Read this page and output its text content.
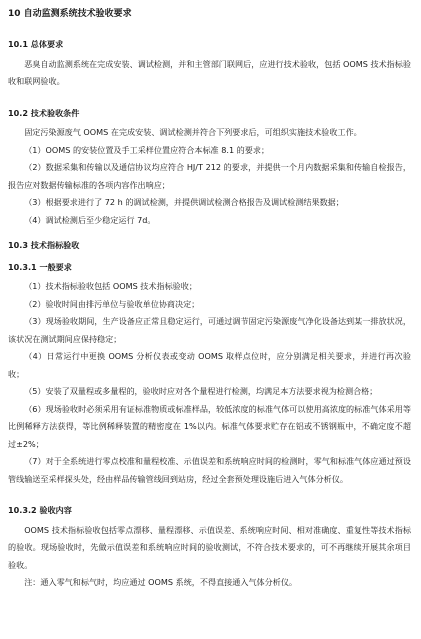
10 自动监测系统技术验收要求
10.1 总体要求

恶臭自动监测系统在完成安装、调试检测，并和主管部门联网后，应进行技术验收，包括 OOMS 技术指标验收和联网验收。

10.2 技术验收条件

固定污染源废气 OOMS 在完成安装、调试检测并符合下列要求后，可组织实施技术验收工作。

（1）OOMS 的安装位置及手工采样位置应符合本标准 8.1 的要求；

（2）数据采集和传输以及通信协议均应符合 HJ/T 212 的要求，并提供一个月内数据采集和传输自检报告，报告应对数据传输标准的各项内容作出响应；

（3）根据要求进行了 72 h 的调试检测，并提供调试检测合格报告及调试检测结果数据；

（4）调试检测后至少稳定运行 7d。

10.3 技术指标验收
10.3.1 一般要求

（1）技术指标验收包括 OOMS 技术指标验收；

（2）验收时间由排污单位与验收单位协商决定；

（3）现场验收期间，生产设备应正常且稳定运行，可通过调节固定污染源废气净化设备达到某一排放状况，该状况在测试期间应保持稳定；

（4）日常运行中更换 OOMS 分析仪表或变动 OOMS 取样点位时，应分别满足相关要求，并进行再次验收；

（5）安装了双量程或多量程的，验收时应对各个量程进行检测，均满足本方法要求视为检测合格；

（6）现场验收时必须采用有证标准物质或标准样品，较低浓度的标准气体可以使用高浓度的标准气体采用等比例稀释方法获得，等比例稀释装置的精密度在 1%以内。标准气体要求贮存在铝或不锈钢瓶中，不确定度不超过±2%；

（7）对于全系统进行零点校准和量程校准、示值误差和系统响应时间的检测时，零气和标准气体应通过预设管线输送至采样探头处，经由样品传输管线回到站房，经过全套预处理设施后进入气体分析仪。

10.3.2 验收内容

OOMS 技术指标验收包括零点漂移、量程漂移、示值误差、系统响应时间、相对准确度、重复性等技术指标的验收。现场验收时，先做示值误差和系统响应时间的验收测试，不符合技术要求的，可不再继续开展其余项目验收。

注：通入零气和标气时，均应通过 OOMS 系统，不得直接通入气体分析仪。
